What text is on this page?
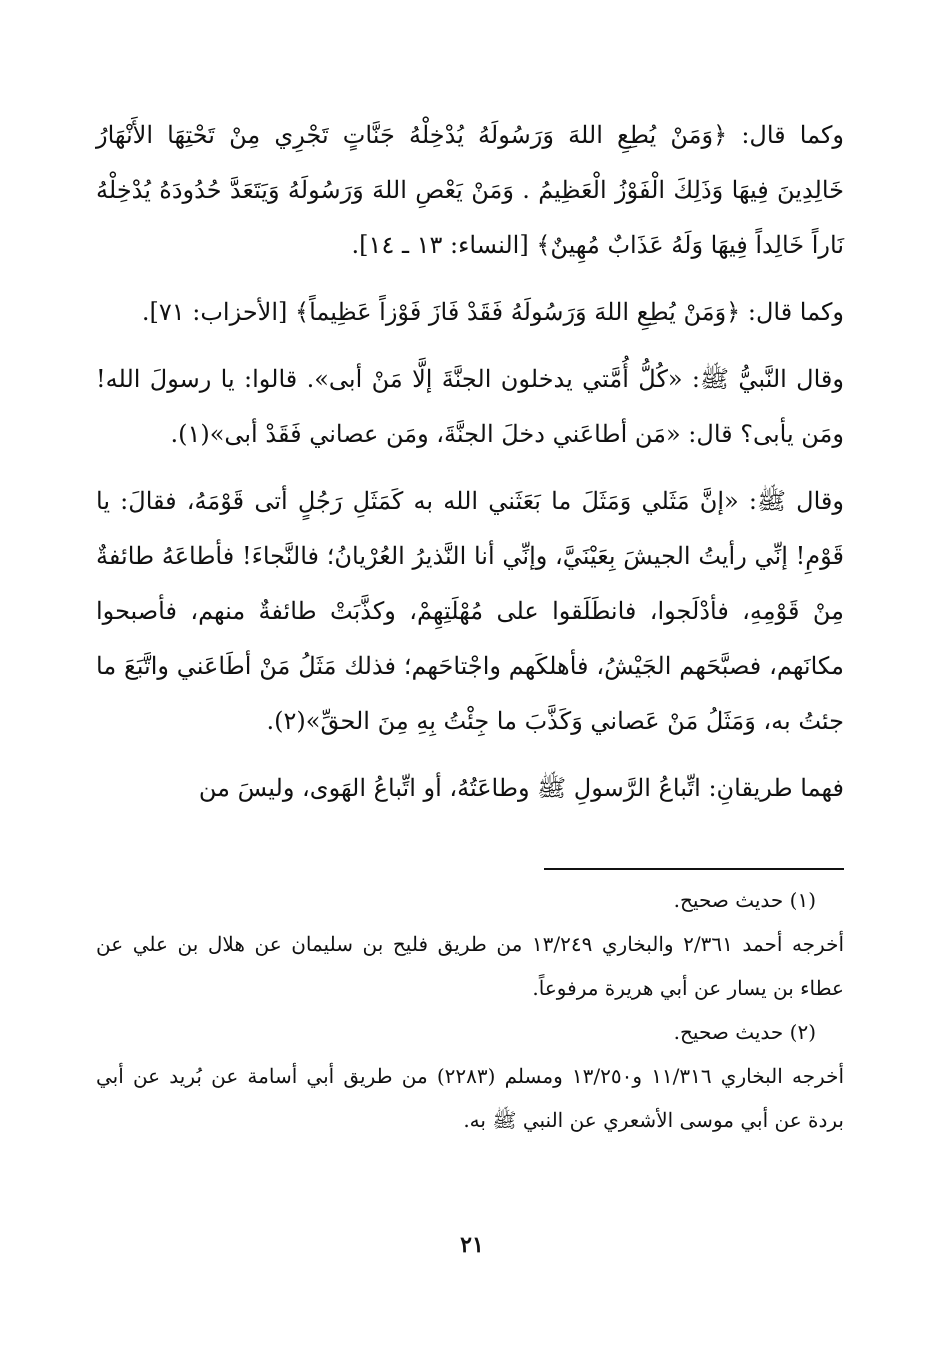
وكما قال: ﴿وَمَنْ يُطِعِ اللهَ وَرَسُولَهُ يُدْخِلْهُ جَنَّاتٍ تَجْرِي مِنْ تَحْتِهَا الأَنْهَارُ خَالِدِينَ فِيهَا وَذَلِكَ الْفَوْزُ الْعَظِيمُ . وَمَنْ يَعْصِ اللهَ وَرَسُولَهُ وَيَتَعَدَّ حُدُودَهُ يُدْخِلْهُ نَاراً خَالِداً فِيهَا وَلَهُ عَذَابٌ مُهِينٌ﴾ [النساء: ١٣ ـ ١٤].

وكما قال: ﴿وَمَنْ يُطِعِ اللهَ وَرَسُولَهُ فَقَدْ فَازَ فَوْزاً عَظِيماً﴾ [الأحزاب: ٧١].

وقال النَّبيُّ ﷺ: «كُلُّ أُمَّتي يدخلون الجنَّةَ إلَّا مَنْ أبى». قالوا: يا رسولَ الله! ومَن يأبى؟ قال: «مَن أطاعَني دخلَ الجنَّةَ، ومَن عصاني فَقَدْ أبى»(١).

وقال ﷺ: «إنَّ مَثَلي وَمَثَلَ ما بَعَثَني الله به كَمَثَلِ رَجُلٍ أتى قَوْمَهُ، فقالَ: يا قَوْمِ! إنِّي رأيتُ الجيشَ بِعَيْنَيَّ، وإنِّي أنا النَّذيرُ العُرْيانُ؛ فالنَّجاءَ! فأطاعَهُ طائفةٌ مِنْ قَوْمِهِ، فأدْلَجوا، فانطَلَقوا على مُهْلَتِهِمْ، وكذَّبَتْ طائفةٌ منهم، فأصبحوا مكانَهم، فصبَّحَهم الجَيْشُ، فأهلكَهم واجْتاحَهم؛ فذلك مَثَلُ مَنْ أطَاعَني واتَّبَعَ ما جئتُ به، وَمَثَلُ مَنْ عَصاني وَكَذَّبَ ما جِئْتُ بِهِ مِنَ الحقِّ»(٢).

فهما طريقانِ: اتِّباعُ الرَّسولِ ﷺ وطاعَتُهُ، أو اتِّباعُ الهَوى، وليسَ من

(١) حديث صحيح.

أخرجه أحمد ٢/٣٦١ والبخاري ١٣/٢٤٩ من طريق فليح بن سليمان عن هلال بن علي عن عطاء بن يسار عن أبي هريرة مرفوعاً.

(٢) حديث صحيح.

أخرجه البخاري ١١/٣١٦ و١٣/٢٥٠ ومسلم (٢٢٨٣) من طريق أبي أسامة عن بُريد عن أبي بردة عن أبي موسى الأشعري عن النبي ﷺ به.

٢١
